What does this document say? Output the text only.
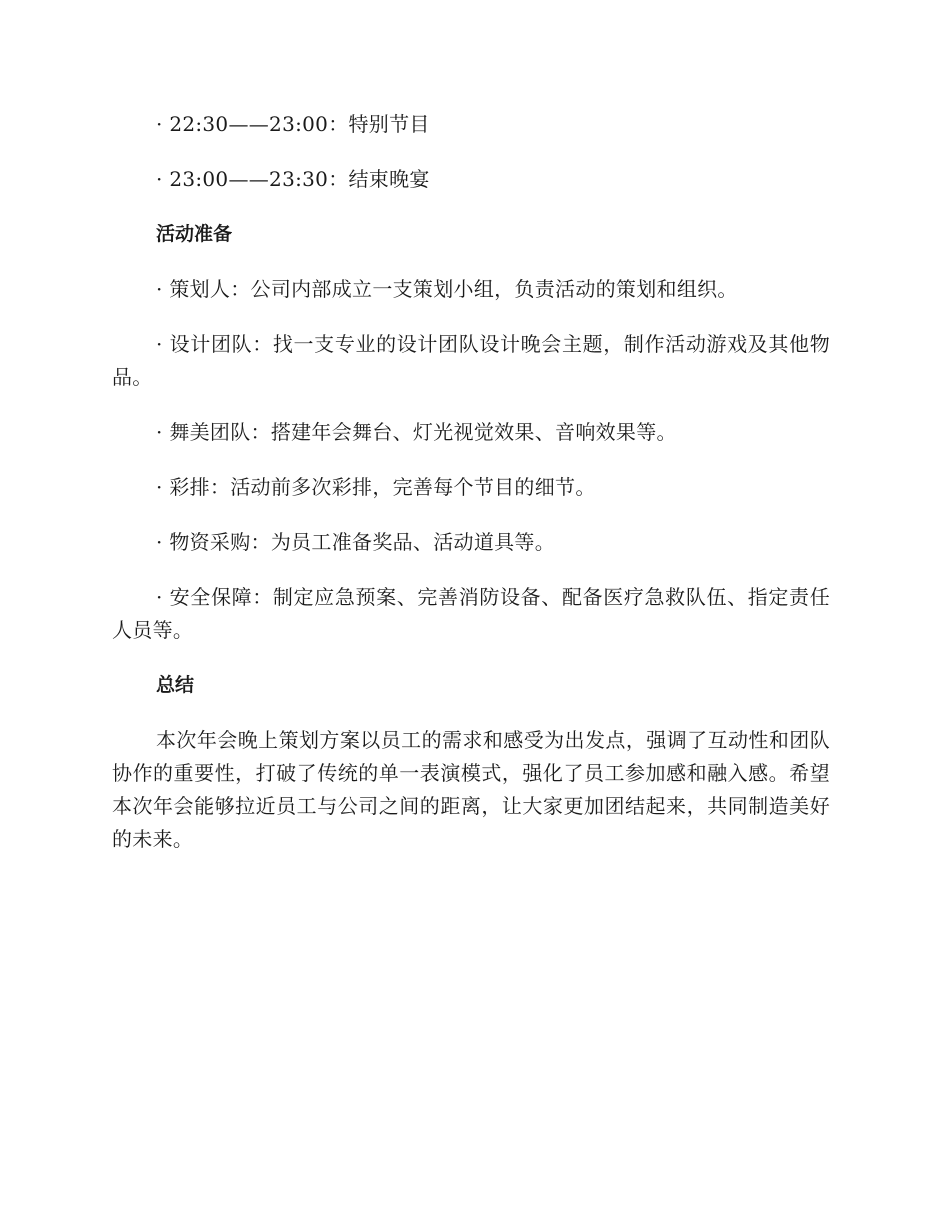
· 22:30——23:00：特别节目

· 23:00——23:30：结束晚宴

活动准备

· 策划人：公司内部成立一支策划小组，负责活动的策划和组织。

· 设计团队：找一支专业的设计团队设计晚会主题，制作活动游戏及其他物品。

· 舞美团队：搭建年会舞台、灯光视觉效果、音响效果等。

· 彩排：活动前多次彩排，完善每个节目的细节。

· 物资采购：为员工准备奖品、活动道具等。

· 安全保障：制定应急预案、完善消防设备、配备医疗急救队伍、指定责任人员等。

总结

本次年会晚上策划方案以员工的需求和感受为出发点，强调了互动性和团队协作的重要性，打破了传统的单一表演模式，强化了员工参加感和融入感。希望本次年会能够拉近员工与公司之间的距离，让大家更加团结起来，共同制造美好的未来。
